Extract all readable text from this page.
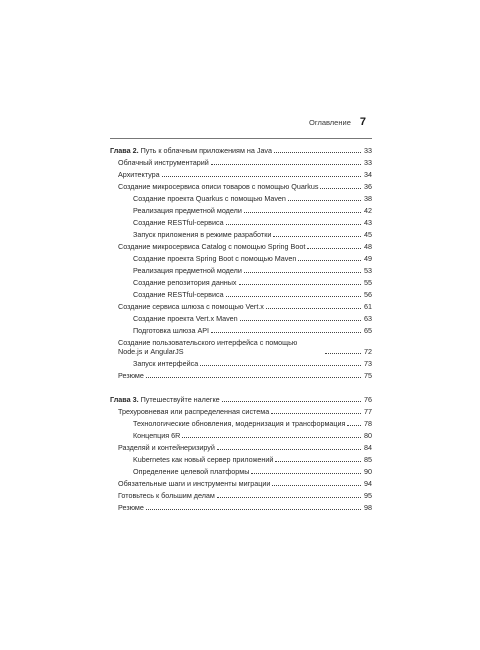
Оглавление 7
Глава 2. Путь к облачным приложениям на Java	33
Облачный инструментарий	33
Архитектура	34
Создание микросервиса описи товаров с помощью Quarkus	36
Создание проекта Quarkus с помощью Maven	38
Реализация предметной модели	42
Создание RESTful-сервиса	43
Запуск приложения в режиме разработки	45
Создание микросервиса Catalog с помощью Spring Boot	48
Создание проекта Spring Boot с помощью Maven	49
Реализация предметной модели	53
Создание репозитория данных	55
Создание RESTful-сервиса	56
Создание сервиса шлюза с помощью Vert.x	61
Создание проекта Vert.x Maven	63
Подготовка шлюза API	65
Создание пользовательского интерфейса с помощью Node.js и AngularJS	72
Запуск интерфейса	73
Резюме	75
Глава 3. Путешествуйте налегке	76
Трехуровневая или распределенная система	77
Технологические обновления, модернизация и трансформация	78
Концепция 6R	80
Разделяй и контейнеризируй	84
Kubernetes как новый сервер приложений	85
Определение целевой платформы	90
Обязательные шаги и инструменты миграции	94
Готовьтесь к большим делам	95
Резюме	98
